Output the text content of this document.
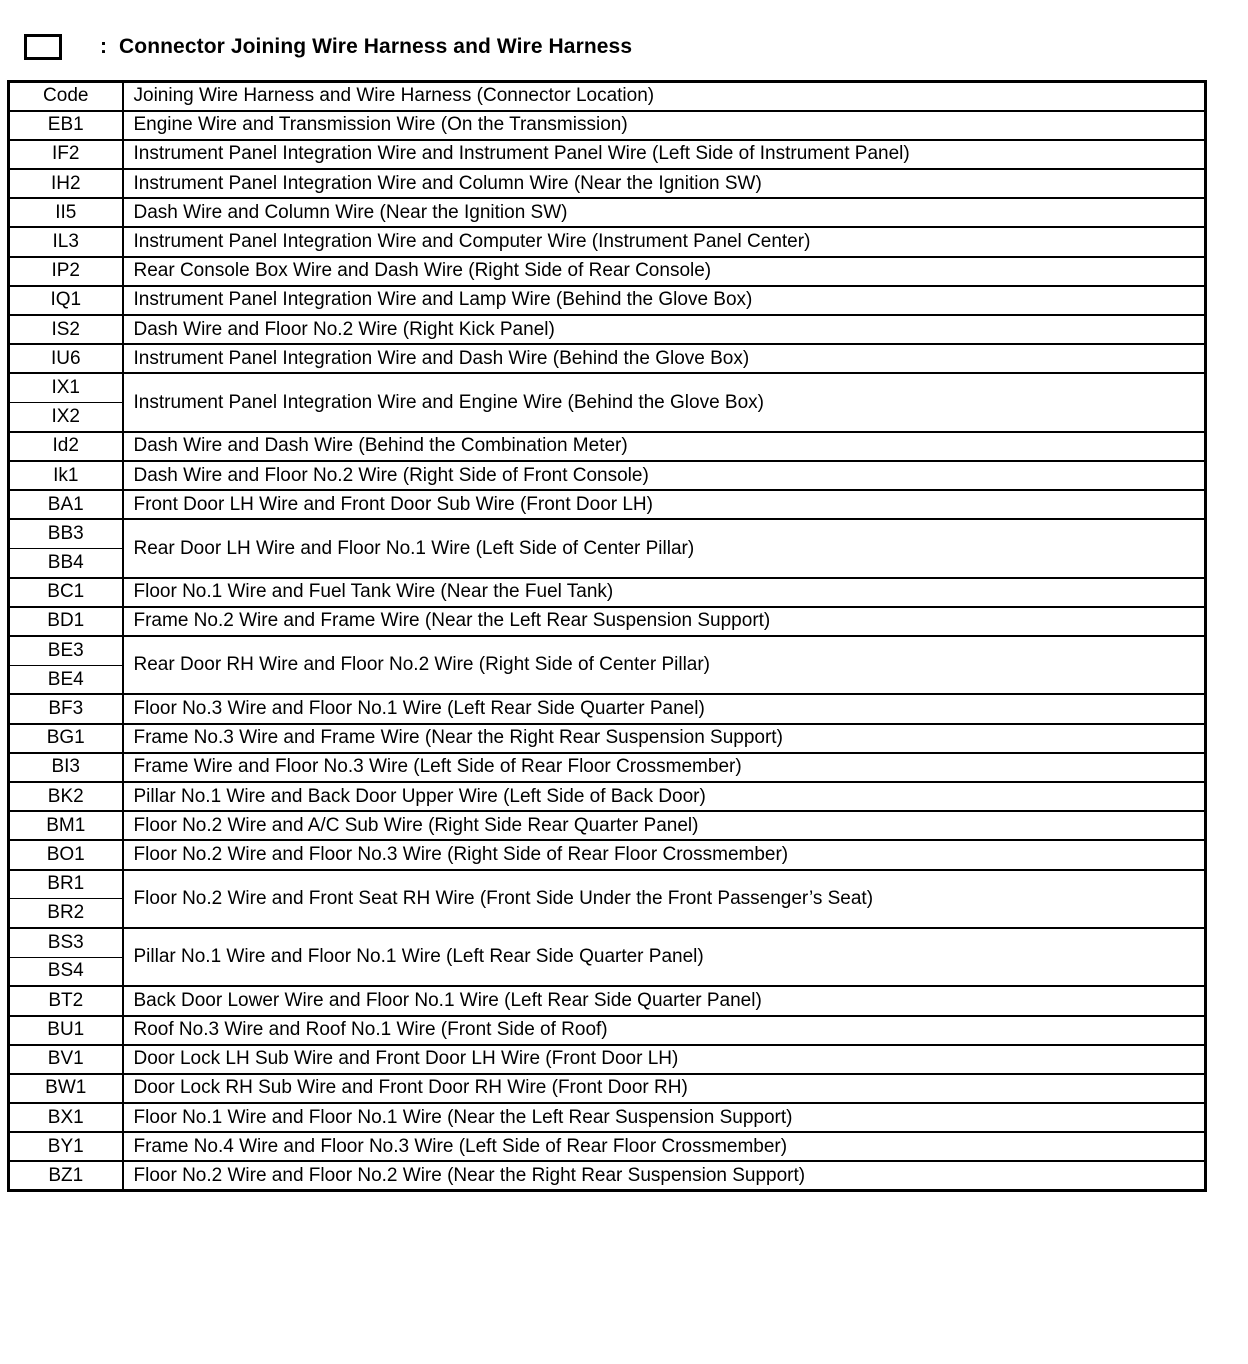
: Connector Joining Wire Harness and Wire Harness
Code	Joining Wire Harness and Wire Harness (Connector Location)
EB1	Engine Wire and Transmission Wire (On the Transmission)
IF2	Instrument Panel Integration Wire and Instrument Panel Wire (Left Side of Instrument Panel)
IH2	Instrument Panel Integration Wire and Column Wire (Near the Ignition SW)
II5	Dash Wire and Column Wire (Near the Ignition SW)
IL3	Instrument Panel Integration Wire and Computer Wire (Instrument Panel Center)
IP2	Rear Console Box Wire and Dash Wire (Right Side of Rear Console)
IQ1	Instrument Panel Integration Wire and Lamp Wire (Behind the Glove Box)
IS2	Dash Wire and Floor No.2 Wire (Right Kick Panel)
IU6	Instrument Panel Integration Wire and Dash Wire (Behind the Glove Box)
IX1	Instrument Panel Integration Wire and Engine Wire (Behind the Glove Box)
IX2	
Id2	Dash Wire and Dash Wire (Behind the Combination Meter)
Ik1	Dash Wire and Floor No.2 Wire (Right Side of Front Console)
BA1	Front Door LH Wire and Front Door Sub Wire (Front Door LH)
BB3	Rear Door LH Wire and Floor No.1 Wire (Left Side of Center Pillar)
BB4	
BC1	Floor No.1 Wire and Fuel Tank Wire (Near the Fuel Tank)
BD1	Frame No.2 Wire and Frame Wire (Near the Left Rear Suspension Support)
BE3	Rear Door RH Wire and Floor No.2 Wire (Right Side of Center Pillar)
BE4	
BF3	Floor No.3 Wire and Floor No.1 Wire (Left Rear Side Quarter Panel)
BG1	Frame No.3 Wire and Frame Wire (Near the Right Rear Suspension Support)
BI3	Frame Wire and Floor No.3 Wire (Left Side of Rear Floor Crossmember)
BK2	Pillar No.1 Wire and Back Door Upper Wire (Left Side of Back Door)
BM1	Floor No.2 Wire and A/C Sub Wire (Right Side Rear Quarter Panel)
BO1	Floor No.2 Wire and Floor No.3 Wire (Right Side of Rear Floor Crossmember)
BR1	Floor No.2 Wire and Front Seat RH Wire (Front Side Under the Front Passenger’s Seat)
BR2	
BS3	Pillar No.1 Wire and Floor No.1 Wire (Left Rear Side Quarter Panel)
BS4	
BT2	Back Door Lower Wire and Floor No.1 Wire (Left Rear Side Quarter Panel)
BU1	Roof No.3 Wire and Roof No.1 Wire (Front Side of Roof)
BV1	Door Lock LH Sub Wire and Front Door LH Wire (Front Door LH)
BW1	Door Lock RH Sub Wire and Front Door RH Wire (Front Door RH)
BX1	Floor No.1 Wire and Floor No.1 Wire (Near the Left Rear Suspension Support)
BY1	Frame No.4 Wire and Floor No.3 Wire (Left Side of Rear Floor Crossmember)
BZ1	Floor No.2 Wire and Floor No.2 Wire (Near the Right Rear Suspension Support)
